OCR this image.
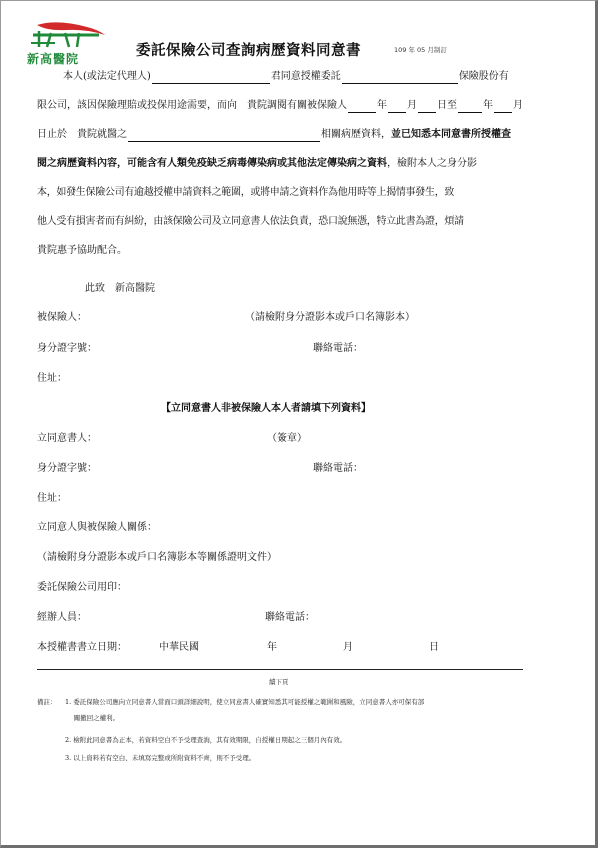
新高醫院	委託保險公司查詢病歷資料同意書	109 年 05 月制訂
本人(或法定代理人)	君同意授權委託	保險股份有
限公司，該因保險理賠或投保用途需要，而向　貴院調閱有關被保險人	年 月 日至	年 月
日止於　貴院就醫之	相關病歷資料，並已知悉本同意書所授權查
閱之病歷資料內容，可能含有人類免疫缺乏病毒傳染病或其他法定傳染病之資料，檢附本人之身分影
本，如發生保險公司有逾越授權申請資料之範圍，或將申請之資料作為他用時等上揭情事發生，致
他人受有損害者而有糾紛，由該保險公司及立同意書人依法負責，恐口說無憑，特立此書為證，煩請
貴院惠予協助配合。
此致　新高醫院
被保險人：	（請檢附身分證影本或戶口名簿影本）
身分證字號：	聯絡電話：
住址：
【立同意書人非被保險人本人者請填下列資料】
立同意書人：	（簽章）
身分證字號：	聯絡電話：
住址：
立同意人與被保險人關係：
（請檢附身分證影本或戶口名簿影本等關係證明文件）
委託保險公司用印：
經辦人員：	聯絡電話：
本授權書書立日期：	中華民國	年	月	日
續下頁
備註： 1. 委託保險公司應向立同意書人當面口頭詳細說明，使立同意書人確實知悉其可能授權之範圍和風險，立同意書人亦可保有部
　 關撤回之權利。
2. 檢附此同意書為正本，若資料空白不予受理查詢，其有效期限，自授權日期起之三個月內有效。
3. 以上資料若有空白、未填寫完整或所附資料不齊，則不予受理。
